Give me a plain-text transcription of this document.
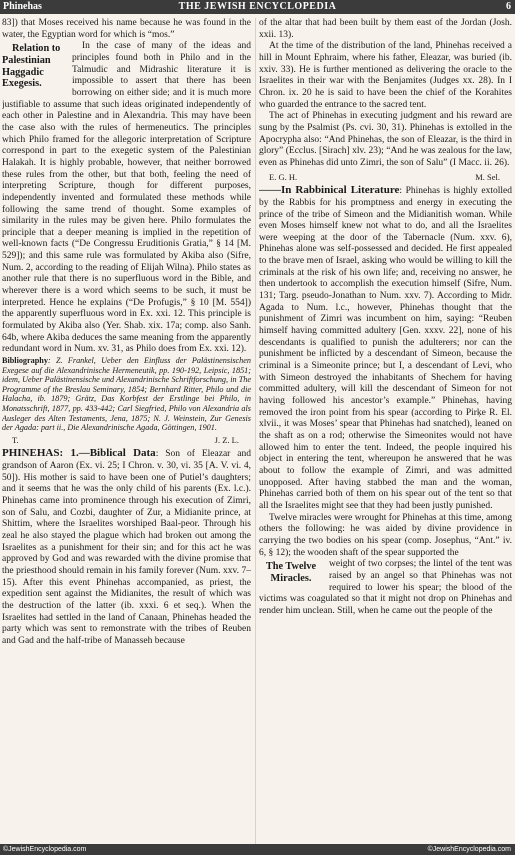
Phinehas	THE JEWISH ENCYCLOPEDIA	6

83]) that Moses received his name because he was found in the water, the Egyptian word for which is “mos.”

Relation to Palestinian Haggadic Exegesis.
In the case of many of the ideas and principles found both in Philo and in the Talmudic and Midrashic literature it is impossible to assert that there has been borrowing on either side; and it is much more justifiable to assume that such ideas originated independently of each other in Palestine and in Alexandria. This may have been the case also with the rules of hermeneutics. The principles which Philo framed for the allegoric interpretation of Scripture correspond in part to the exegetic system of the Palestinian Halakah. It is highly probable, however, that neither borrowed these rules from the other, but that both, feeling the need of interpreting Scripture, though for different purposes, independently invented and formulated these methods while following the same trend of thought. Some examples of similarity in the rules may be given here. Philo formulates the principle that a deeper meaning is implied in the repetition of well-known facts (“De Congressu Eruditionis Gratia,” § 14 [M. 529]); and this same rule was formulated by Akiba also (Sifre, Num. 2, according to the reading of Elijah Wilna). Philo states as another rule that there is no superfluous word in the Bible, and wherever there is a word which seems to be such, it must be interpreted. Hence he explains (“De Profugis,” § 10 [M. 554]) the apparently superfluous word in Ex. xxi. 12. This principle is formulated by Akiba also (Yer. Shab. xix. 17a; comp. also Sanh. 64b, where Akiba deduces the same meaning from the apparently redundant word in Num. xv. 31, as Philo does from Ex. xxi. 12).

Bibliography: Z. Frankel, Ueber den Einfluss der Palästinensischen Exegese auf die Alexandrinische Hermeneutik, pp. 190-192, Leipsic, 1851; idem, Ueber Palästinensische und Alexandrinische Schriftforschung, in The Programme of the Breslau Seminary, 1854; Bernhard Ritter, Philo und die Halacha, ib. 1879; Grätz, Das Korbfest der Erstlinge bei Philo, in Monatsschrift, 1877, pp. 433-442; Carl Siegfried, Philo von Alexandria als Ausleger des Alten Testaments, Jena, 1875; N. J. Weinstein, Zur Genesis der Agada: part ii., Die Alexandrinische Agada, Göttingen, 1901.

T.	J. Z. L.

PHINEHAS: 1.—Biblical Data: Son of Eleazar and grandson of Aaron (Ex. vi. 25; I Chron. v. 30, vi. 35 [A. V. vi. 4, 50]). His mother is said to have been one of Putiel’s daughters; and it seems that he was the only child of his parents (Ex. l.c.). Phinehas came into prominence through his execution of Zimri, son of Salu, and Cozbi, daughter of Zur, a Midianite prince, at Shittim, where the Israelites worshiped Baal-peor. Through his zeal he also stayed the plague which had broken out among the Israelites as a punishment for their sin; and for this act he was approved by God and was rewarded with the divine promise that the priesthood should remain in his family forever (Num. xxv. 7–15). After this event Phinehas accompanied, as priest, the expedition sent against the Midianites, the result of which was the destruction of the latter (ib. xxxi. 6 et seq.). When the Israelites had settled in the land of Canaan, Phinehas headed the party which was sent to remonstrate with the tribes of Reuben and Gad and the half-tribe of Manasseh because

of the altar that had been built by them east of the Jordan (Josh. xxii. 13).

At the time of the distribution of the land, Phinehas received a hill in Mount Ephraim, where his father, Eleazar, was buried (ib. xxiv. 33). He is further mentioned as delivering the oracle to the Israelites in their war with the Benjamites (Judges xx. 28). In I Chron. ix. 20 he is said to have been the chief of the Korahites who guarded the entrance to the sacred tent.

The act of Phinehas in executing judgment and his reward are sung by the Psalmist (Ps. cvi. 30, 31). Phinehas is extolled in the Apocrypha also: “And Phinehas, the son of Eleazar, is the third in glory” (Ecclus. [Sirach] xlv. 23); “And he was zealous for the law, even as Phinehas did unto Zimri, the son of Salu” (I Macc. ii. 26).

E. G. H.	M. Sel.

——In Rabbinical Literature: Phinehas is highly extolled by the Rabbis for his promptness and energy in executing the prince of the tribe of Simeon and the Midianitish woman. While even Moses himself knew not what to do, and all the Israelites were weeping at the door of the Tabernacle (Num. xxv. 6), Phinehas alone was self-possessed and decided. He first appealed to the brave men of Israel, asking who would be willing to kill the criminals at the risk of his own life; and, receiving no answer, he then undertook to accomplish the execution himself (Sifre, Num. 131; Targ. pseudo-Jonathan to Num. xxv. 7). According to Midr. Agada to Num. l.c., however, Phinehas thought that the punishment of Zimri was incumbent on him, saying: “Reuben himself having committed adultery [Gen. xxxv. 22], none of his descendants is qualified to punish the adulterers; nor can the punishment be inflicted by a descendant of Simeon, because the criminal is a Simeonite prince; but I, a descendant of Levi, who with Simeon destroyed the inhabitants of Shechem for having committed adultery, will kill the descendant of Simeon for not having followed his ancestor’s example.” Phinehas, having removed the iron point from his spear (according to Pirḳe R. El. xlvii., it was Moses’ spear that Phinehas had snatched), leaned on the shaft as on a rod; otherwise the Simeonites would not have allowed him to enter the tent. Indeed, the people inquired his object in entering the tent, whereupon he answered that he was about to follow the example of Zimri, and was admitted unopposed. After having stabbed the man and the woman, Phinehas carried both of them on his spear out of the tent so that all the Israelites might see that they had been justly punished.

Twelve miracles were wrought for Phinehas at this time, among others the following: he was aided by divine providence in carrying the two bodies on his spear (comp. Josephus, “Ant.” iv. 6, § 12); the wooden shaft of the spear supported the

The Twelve Miracles.
weight of two corpses; the lintel of the tent was raised by an angel so that Phinehas was not required to lower his spear; the blood of the victims was coagulated so that it might not drop on Phinehas and render him unclean. Still, when he came out the people of the

©JewishEncyclopedia.com	©JewishEncyclopedia.com
